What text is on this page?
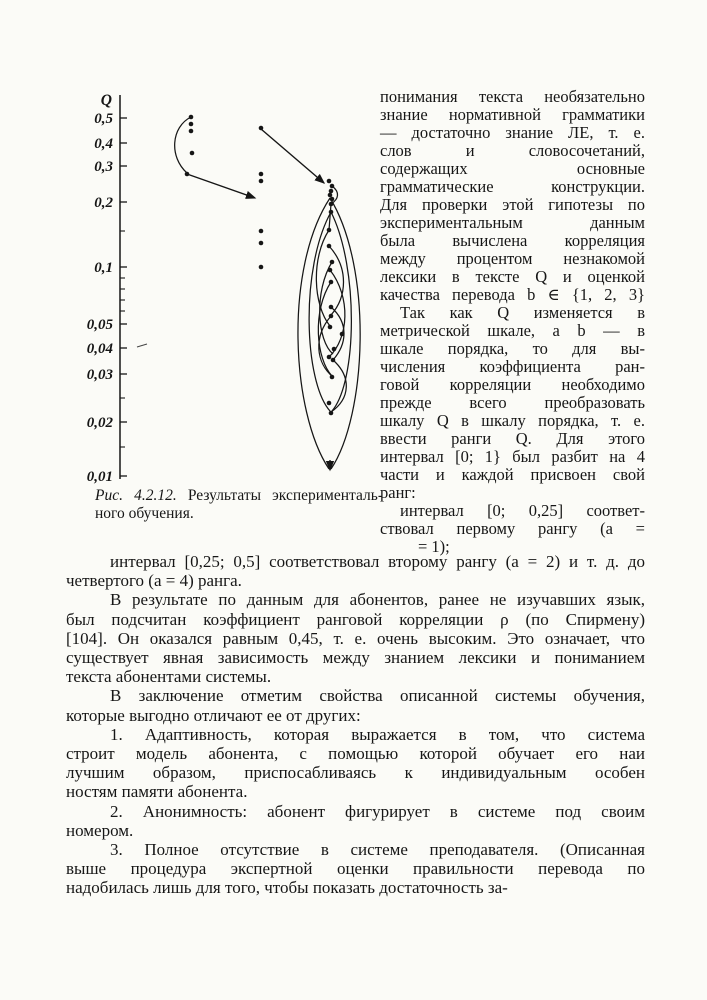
Q
0,5
0,4
0,3
0,2
0,1
0,05
0,04
0,03
0,02
0,01
Рис. 4.2.12. Результаты эксперименталь-
ного обучения.
понимания текста необязательно
знание нормативной грамматики
— достаточно знание ЛЕ, т. е.
слов и словосочетаний,
содержащих основные
грамматические конструкции.
Для проверки этой гипотезы по
экспериментальным данным
была вычислена корреляция
между процентом незнакомой
лексики в тексте Q и оценкой
качества перевода b ∈ {1, 2, 3}
Так как Q изменяется в
метрической шкале, а b — в
шкале порядка, то для вы-
числения коэффициента ран-
говой корреляции необходимо
прежде всего преобразовать
шкалу Q в шкалу порядка, т. е.
ввести ранги Q. Для этого
интервал [0; 1} был разбит на 4
части и каждой присвоен свой
ранг:
интервал [0; 0,25] соответ-
ствовал первому рангу (а =
= 1);
интервал [0,25; 0,5] соответствовал второму рангу (а = 2) и т. д. до
четвертого (а = 4) ранга.
В результате по данным для абонентов, ранее не изучавших язык,
был подсчитан коэффициент ранговой корреляции ρ (по Спирмену)
[104]. Он оказался равным 0,45, т. е. очень высоким. Это означает, что
существует явная зависимость между знанием лексики и пониманием
текста абонентами системы.
В заключение отметим свойства описанной системы обучения,
которые выгодно отличают ее от других:
1. Адаптивность, которая выражается в том, что система
строит модель абонента, с помощью которой обучает его наи
лучшим образом, приспосабливаясь к индивидуальным особен
ностям памяти абонента.
2. Анонимность: абонент фигурирует в системе под своим
номером.
3. Полное отсутствие в системе преподавателя. (Описанная
выше процедура экспертной оценки правильности перевода по
надобилась лишь для того, чтобы показать достаточность за-
